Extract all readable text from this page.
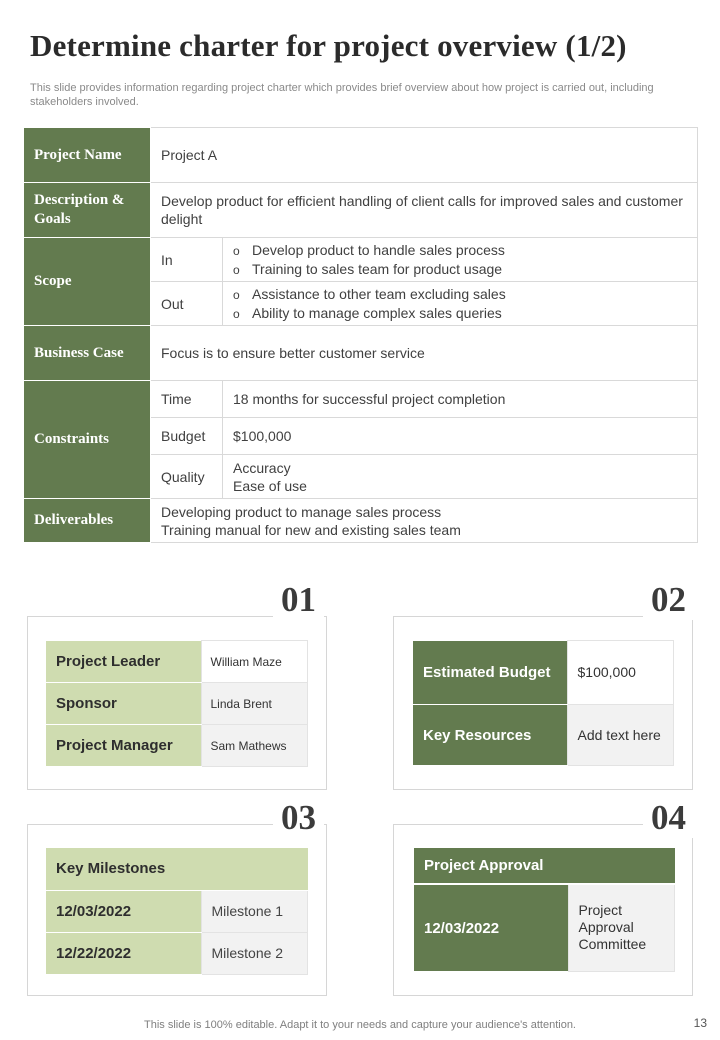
Determine charter for project overview (1/2)
This slide provides information regarding project charter which provides brief overview about how project is carried out, including stakeholders involved.
Project Name	Project A	
Description & Goals	Develop product for efficient handling of client calls for improved sales and customer delight	
Scope	In	o Develop product to handle sales process
o Training to sales team for product usage

	Out	o Assistance to other team excluding sales
o Ability to manage complex sales queries

Business Case	Focus is to ensure better customer service	
Constraints	Time	18 months for successful project completion
	Budget	$100,000
	Quality	Accuracy
Ease of use

Deliverables	Developing product to manage sales process
Training manual for new and existing sales team	
01
Project Leader	William Maze
Sponsor	Linda Brent
Project Manager	Sam Mathews
02
Estimated Budget	$100,000
Key Resources	Add text here
03
Key Milestones	
12/03/2022	Milestone 1
12/22/2022	Milestone 2
04
Project Approval
12/03/2022	Project Approval Committee
This slide is 100% editable. Adapt it to your needs and capture your audience's attention.	13
